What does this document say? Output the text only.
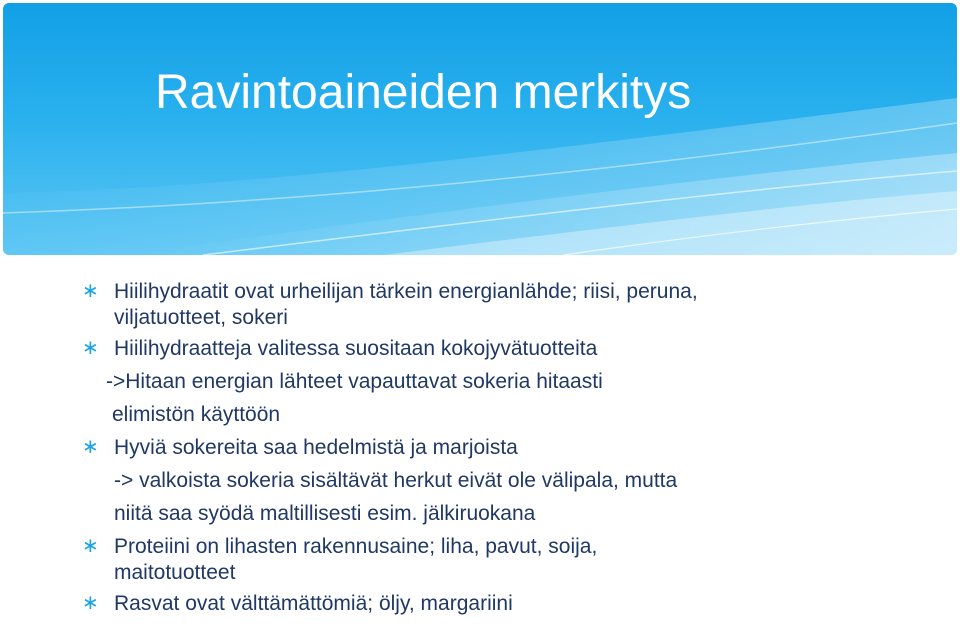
Ravintoaineiden merkitys
∗ Hiilihydraatit ovat urheilijan tärkein energianlähde; riisi, peruna,
viljatuotteet, sokeri
∗ Hiilihydraatteja valitessa suositaan kokojyvätuotteita
->Hitaan energian lähteet vapauttavat sokeria hitaasti
elimistön käyttöön
∗ Hyviä sokereita saa hedelmistä ja marjoista
-> valkoista sokeria sisältävät herkut eivät ole välipala, mutta
niitä saa syödä maltillisesti esim. jälkiruokana
∗ Proteiini on lihasten rakennusaine; liha, pavut, soija,
maitotuotteet
∗ Rasvat ovat välttämättömiä; öljy, margariini
